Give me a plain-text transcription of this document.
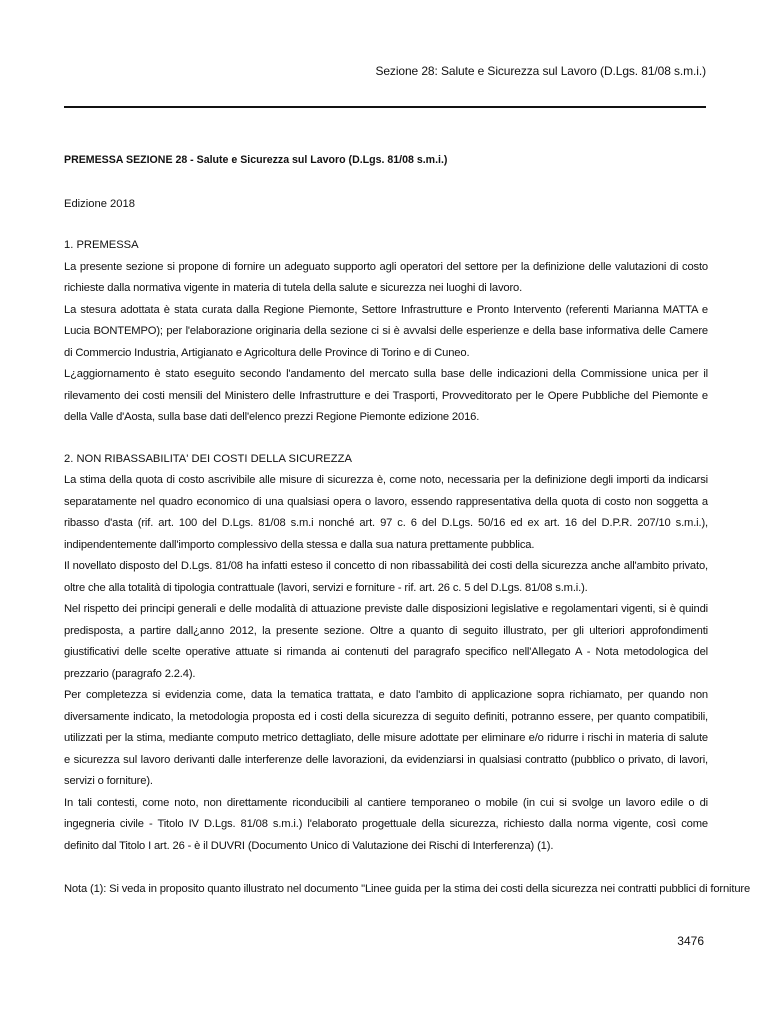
Sezione 28: Salute e Sicurezza sul Lavoro (D.Lgs. 81/08 s.m.i.)

PREMESSA SEZIONE 28 - Salute e Sicurezza sul Lavoro (D.Lgs. 81/08 s.m.i.)

Edizione 2018

1. PREMESSA

La presente sezione si propone di fornire un adeguato supporto agli operatori del settore per la definizione delle valutazioni di costo richieste dalla normativa vigente in materia di tutela della salute e sicurezza nei luoghi di lavoro.

La stesura adottata è stata curata dalla Regione Piemonte, Settore Infrastrutture e Pronto Intervento (referenti Marianna MATTA e Lucia BONTEMPO); per l'elaborazione originaria della sezione ci si è avvalsi delle esperienze e della base informativa delle Camere di Commercio Industria, Artigianato e Agricoltura delle Province di Torino e di Cuneo.

L¿aggiornamento è stato eseguito secondo l'andamento del mercato sulla base delle indicazioni della Commissione unica per il rilevamento dei costi mensili del Ministero delle Infrastrutture e dei Trasporti, Provveditorato per le Opere Pubbliche del Piemonte e della Valle d'Aosta, sulla base dati dell'elenco prezzi Regione Piemonte edizione 2016.

2. NON RIBASSABILITA' DEI COSTI DELLA SICUREZZA

La stima della quota di costo ascrivibile alle misure di sicurezza è, come noto, necessaria per la definizione degli importi da indicarsi separatamente nel quadro economico di una qualsiasi opera o lavoro, essendo rappresentativa della quota di costo non soggetta a ribasso d'asta (rif. art. 100 del D.Lgs. 81/08 s.m.i nonché art. 97 c. 6 del D.Lgs. 50/16 ed ex art. 16 del D.P.R. 207/10 s.m.i.), indipendentemente dall'importo complessivo della stessa e dalla sua natura prettamente pubblica.

Il novellato disposto del D.Lgs. 81/08 ha infatti esteso il concetto di non ribassabilità dei costi della sicurezza anche all'ambito privato, oltre che alla totalità di tipologia contrattuale (lavori, servizi e forniture - rif. art. 26 c. 5 del D.Lgs. 81/08 s.m.i.).

Nel rispetto dei principi generali e delle modalità di attuazione previste dalle disposizioni legislative e regolamentari vigenti, si è quindi predisposta, a partire dall¿anno 2012, la presente sezione. Oltre a quanto di seguito illustrato, per gli ulteriori approfondimenti giustificativi delle scelte operative attuate si rimanda ai contenuti del paragrafo specifico nell'Allegato A - Nota metodologica del prezzario (paragrafo 2.2.4).

Per completezza si evidenzia come, data la tematica trattata, e dato l'ambito di applicazione sopra richiamato, per quando non diversamente indicato, la metodologia proposta ed i costi della sicurezza di seguito definiti, potranno essere, per quanto compatibili, utilizzati per la stima, mediante computo metrico dettagliato, delle misure adottate per eliminare e/o ridurre i rischi in materia di salute e sicurezza sul lavoro derivanti dalle interferenze delle lavorazioni, da evidenziarsi in qualsiasi contratto (pubblico o privato, di lavori, servizi o forniture).

In tali contesti, come noto, non direttamente riconducibili al cantiere temporaneo o mobile (in cui si svolge un lavoro edile o di ingegneria civile - Titolo IV D.Lgs. 81/08 s.m.i.) l'elaborato progettuale della sicurezza, richiesto dalla norma vigente, così come definito dal Titolo I art. 26 - è il DUVRI (Documento Unico di Valutazione dei Rischi di Interferenza) (1).

Nota (1): Si veda in proposito quanto illustrato nel documento "Linee guida per la stima dei costi della sicurezza nei contratti pubblici di forniture

3476
